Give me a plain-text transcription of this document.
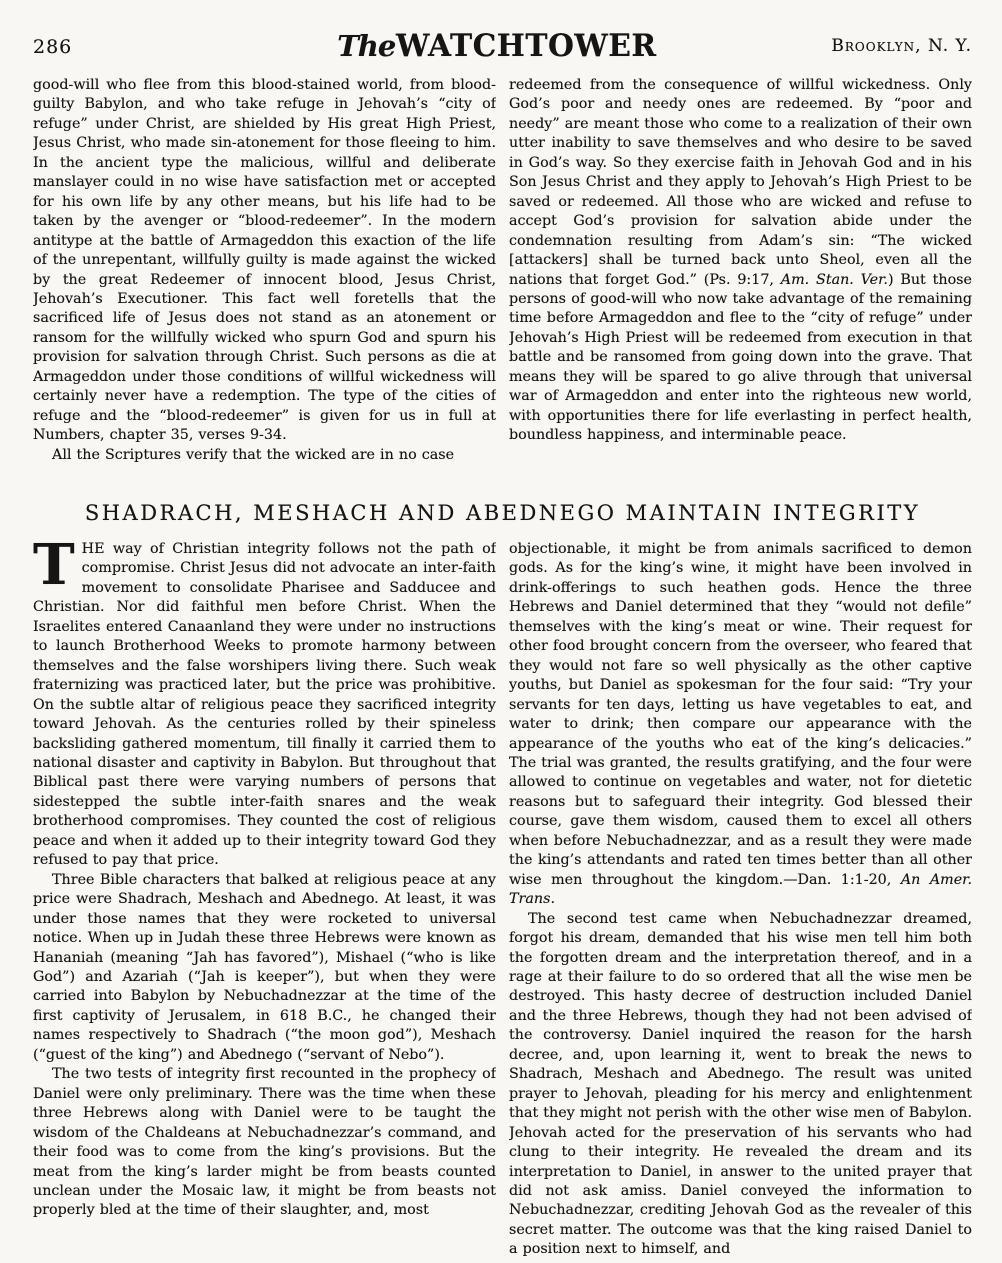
286	TheWATCHTOWER	Brooklyn, N. Y.

good-will who flee from this blood-stained world, from blood-guilty Babylon, and who take refuge in Jehovah’s “city of refuge” under Christ, are shielded by His great High Priest, Jesus Christ, who made sin-atonement for those fleeing to him. In the ancient type the malicious, willful and deliberate manslayer could in no wise have satisfaction met or accepted for his own life by any other means, but his life had to be taken by the avenger or “blood-redeemer”. In the modern antitype at the battle of Armageddon this exaction of the life of the unrepentant, willfully guilty is made against the wicked by the great Redeemer of innocent blood, Jesus Christ, Jehovah’s Executioner. This fact well foretells that the sacrificed life of Jesus does not stand as an atonement or ransom for the willfully wicked who spurn God and spurn his provision for salvation through Christ. Such persons as die at Armageddon under those conditions of willful wickedness will certainly never have a redemption. The type of the cities of refuge and the “blood-redeemer” is given for us in full at Numbers, chapter 35, verses 9-34.

All the Scriptures verify that the wicked are in no case

redeemed from the consequence of willful wickedness. Only God’s poor and needy ones are redeemed. By “poor and needy” are meant those who come to a realization of their own utter inability to save themselves and who desire to be saved in God’s way. So they exercise faith in Jehovah God and in his Son Jesus Christ and they apply to Jehovah’s High Priest to be saved or redeemed. All those who are wicked and refuse to accept God’s provision for salvation abide under the condemnation resulting from Adam’s sin: “The wicked [attackers] shall be turned back unto Sheol, even all the nations that forget God.” (Ps. 9:17, Am. Stan. Ver.) But those persons of good-will who now take advantage of the remaining time before Armageddon and flee to the “city of refuge” under Jehovah’s High Priest will be redeemed from execution in that battle and be ransomed from going down into the grave. That means they will be spared to go alive through that universal war of Armageddon and enter into the righteous new world, with opportunities there for life everlasting in perfect health, boundless happiness, and interminable peace.

SHADRACH, MESHACH AND ABEDNEGO MAINTAIN INTEGRITY

THE way of Christian integrity follows not the path of compromise. Christ Jesus did not advocate an inter-faith movement to consolidate Pharisee and Sadducee and Christian. Nor did faithful men before Christ. When the Israelites entered Canaanland they were under no instructions to launch Brotherhood Weeks to promote harmony between themselves and the false worshipers living there. Such weak fraternizing was practiced later, but the price was prohibitive. On the subtle altar of religious peace they sacrificed integrity toward Jehovah. As the centuries rolled by their spineless backsliding gathered momentum, till finally it carried them to national disaster and captivity in Babylon. But throughout that Biblical past there were varying numbers of persons that sidestepped the subtle inter-faith snares and the weak brotherhood compromises. They counted the cost of religious peace and when it added up to their integrity toward God they refused to pay that price.

Three Bible characters that balked at religious peace at any price were Shadrach, Meshach and Abednego. At least, it was under those names that they were rocketed to universal notice. When up in Judah these three Hebrews were known as Hananiah (meaning “Jah has favored”), Mishael (“who is like God”) and Azariah (“Jah is keeper”), but when they were carried into Babylon by Nebuchadnezzar at the time of the first captivity of Jerusalem, in 618 B.C., he changed their names respectively to Shadrach (“the moon god”), Meshach (“guest of the king”) and Abednego (“servant of Nebo”).

The two tests of integrity first recounted in the prophecy of Daniel were only preliminary. There was the time when these three Hebrews along with Daniel were to be taught the wisdom of the Chaldeans at Nebuchadnezzar’s command, and their food was to come from the king’s provisions. But the meat from the king’s larder might be from beasts counted unclean under the Mosaic law, it might be from beasts not properly bled at the time of their slaughter, and, most

objectionable, it might be from animals sacrificed to demon gods. As for the king’s wine, it might have been involved in drink-offerings to such heathen gods. Hence the three Hebrews and Daniel determined that they “would not defile” themselves with the king’s meat or wine. Their request for other food brought concern from the overseer, who feared that they would not fare so well physically as the other captive youths, but Daniel as spokesman for the four said: “Try your servants for ten days, letting us have vegetables to eat, and water to drink; then compare our appearance with the appearance of the youths who eat of the king’s delicacies.” The trial was granted, the results gratifying, and the four were allowed to continue on vegetables and water, not for dietetic reasons but to safeguard their integrity. God blessed their course, gave them wisdom, caused them to excel all others when before Nebuchadnezzar, and as a result they were made the king’s attendants and rated ten times better than all other wise men throughout the kingdom.—Dan. 1:1-20, An Amer. Trans.

The second test came when Nebuchadnezzar dreamed, forgot his dream, demanded that his wise men tell him both the forgotten dream and the interpretation thereof, and in a rage at their failure to do so ordered that all the wise men be destroyed. This hasty decree of destruction included Daniel and the three Hebrews, though they had not been advised of the controversy. Daniel inquired the reason for the harsh decree, and, upon learning it, went to break the news to Shadrach, Meshach and Abednego. The result was united prayer to Jehovah, pleading for his mercy and enlightenment that they might not perish with the other wise men of Babylon. Jehovah acted for the preservation of his servants who had clung to their integrity. He revealed the dream and its interpretation to Daniel, in answer to the united prayer that did not ask amiss. Daniel conveyed the information to Nebuchadnezzar, crediting Jehovah God as the revealer of this secret matter. The outcome was that the king raised Daniel to a position next to himself, and
